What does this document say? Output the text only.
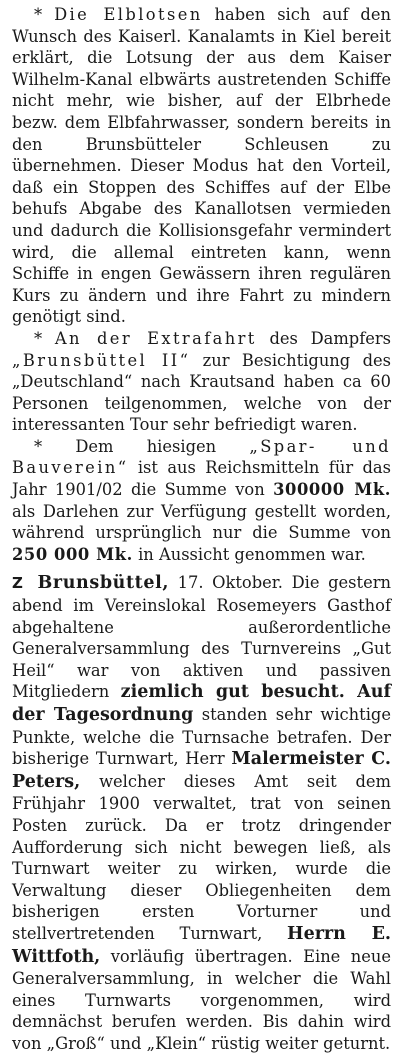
* Die Elblotsen haben sich auf den Wunsch des Kaiserl. Kanalamts in Kiel bereit erklärt, die Lotsung der aus dem Kaiser Wilhelm-Kanal elbwärts austretenden Schiffe nicht mehr, wie bisher, auf der Elbrhede bezw. dem Elbfahrwasser, sondern bereits in den Brunsbütteler Schleusen zu übernehmen. Dieser Modus hat den Vorteil, daß ein Stoppen des Schiffes auf der Elbe behufs Abgabe des Kanallotsen vermieden und dadurch die Kollisionsgefahr vermindert wird, die allemal eintreten kann, wenn Schiffe in engen Gewässern ihren regulären Kurs zu ändern und ihre Fahrt zu mindern genötigt sind.

* An der Extrafahrt des Dampfers „Brunsbüttel II“ zur Besichtigung des „Deutschland“ nach Krautsand haben ca 60 Personen teilgenommen, welche von der interessanten Tour sehr befriedigt waren.

* Dem hiesigen „Spar- und Bauverein“ ist aus Reichsmitteln für das Jahr 1901/02 die Summe von 300000 Mk. als Darlehen zur Verfügung gestellt worden, während ursprünglich nur die Summe von 250 000 Mk. in Aussicht genommen war.

Z Brunsbüttel, 17. Oktober. Die gestern abend im Vereinslokal Rosemeyers Gasthof abgehaltene außerordentliche Generalversammlung des Turnvereins „Gut Heil“ war von aktiven und passiven Mitgliedern ziemlich gut besucht. Auf der Tagesordnung standen sehr wichtige Punkte, welche die Turnsache betrafen. Der bisherige Turnwart, Herr Malermeister C. Peters, welcher dieses Amt seit dem Frühjahr 1900 verwaltet, trat von seinen Posten zurück. Da er trotz dringender Aufforderung sich nicht bewegen ließ, als Turnwart weiter zu wirken, wurde die Verwaltung dieser Obliegenheiten dem bisherigen ersten Vorturner und stellvertretenden Turnwart, Herrn E. Wittfoth, vorläufig übertragen. Eine neue Generalversammlung, in welcher die Wahl eines Turnwarts vorgenommen, wird demnächst berufen werden. Bis dahin wird von „Groß“ und „Klein“ rüstig weiter geturnt.
